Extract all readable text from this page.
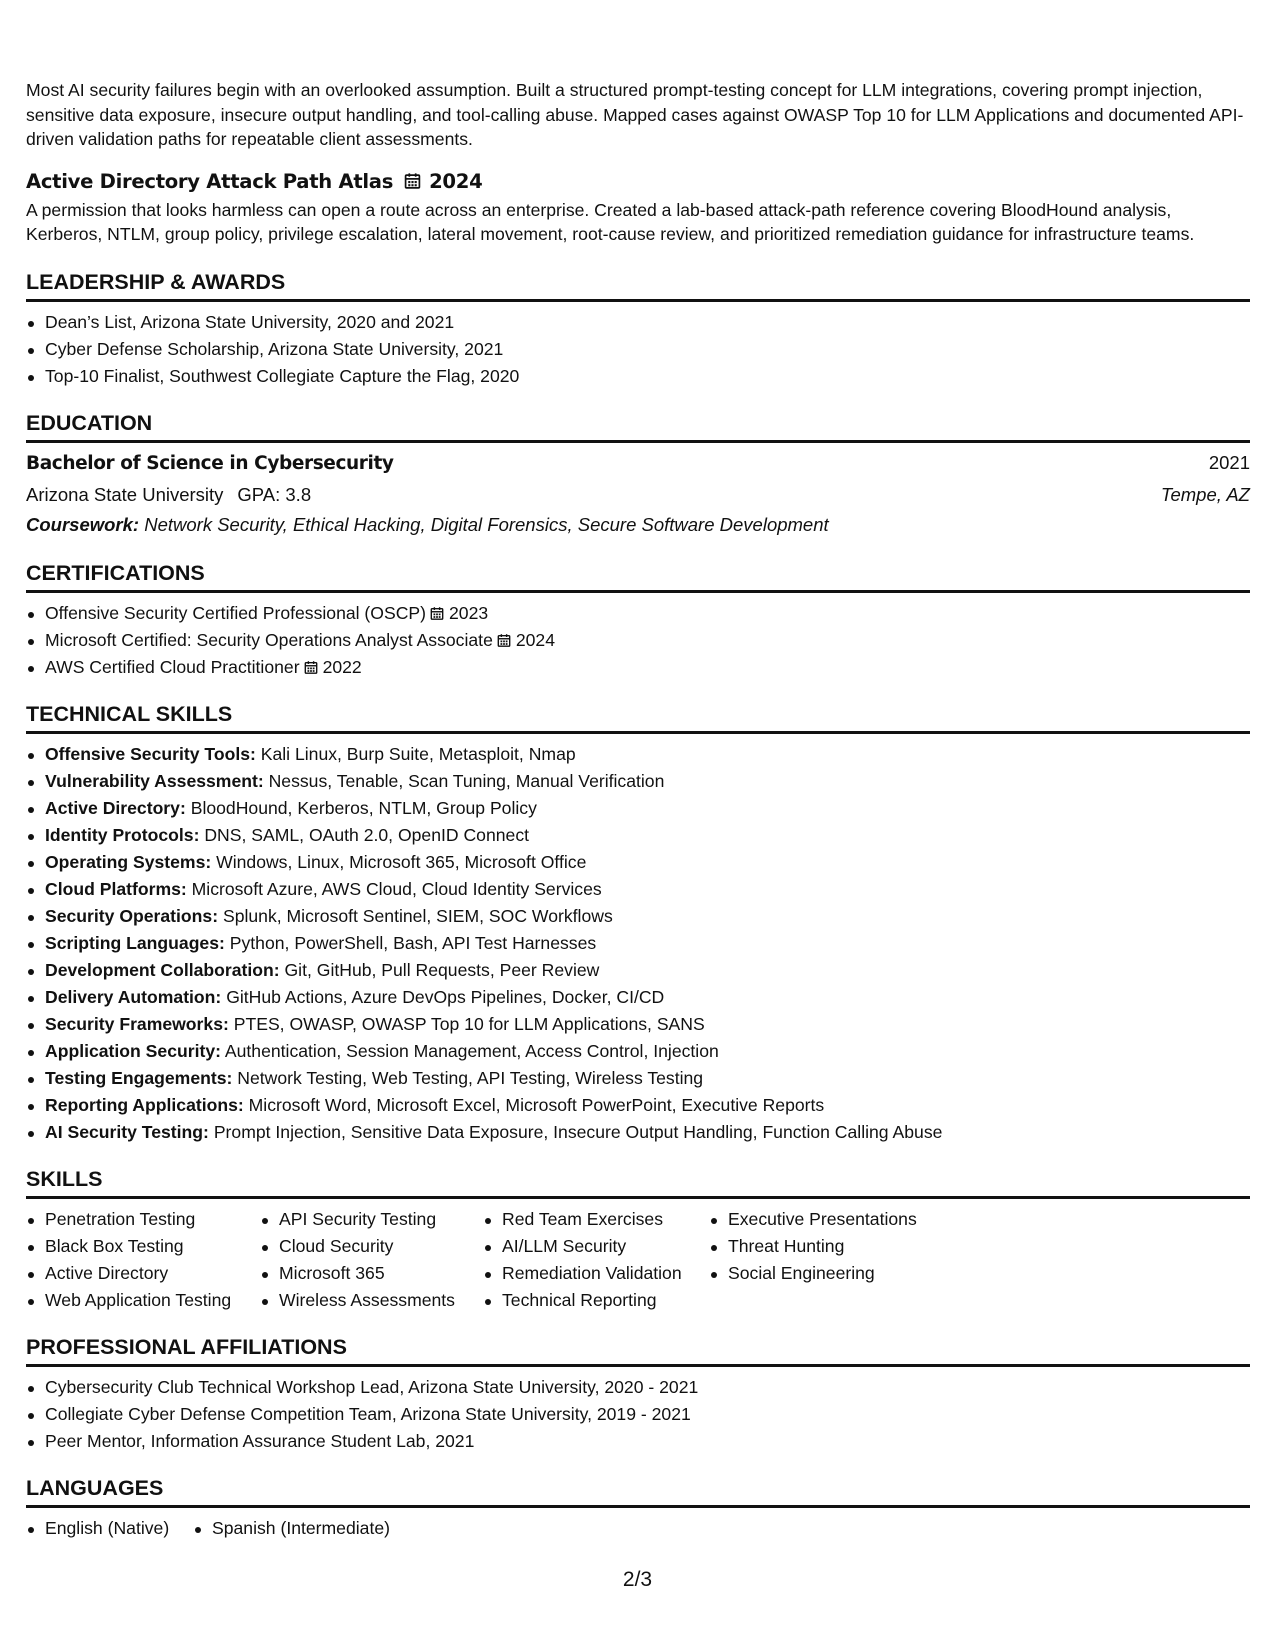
Most AI security failures begin with an overlooked assumption. Built a structured prompt-testing concept for LLM integrations, covering prompt injection, sensitive data exposure, insecure output handling, and tool-calling abuse. Mapped cases against OWASP Top 10 for LLM Applications and documented API-driven validation paths for repeatable client assessments.

Active Directory Attack Path Atlas 2024

A permission that looks harmless can open a route across an enterprise. Created a lab-based attack-path reference covering BloodHound analysis, Kerberos, NTLM, group policy, privilege escalation, lateral movement, root-cause review, and prioritized remediation guidance for infrastructure teams.

LEADERSHIP & AWARDS
Dean’s List, Arizona State University, 2020 and 2021
Cyber Defense Scholarship, Arizona State University, 2021
Top-10 Finalist, Southwest Collegiate Capture the Flag, 2020
EDUCATION
Bachelor of Science in Cybersecurity	2021
Arizona State University GPA: 3.8	Tempe, AZ
Coursework: Network Security, Ethical Hacking, Digital Forensics, Secure Software Development
CERTIFICATIONS
Offensive Security Certified Professional (OSCP) 2023
Microsoft Certified: Security Operations Analyst Associate 2024
AWS Certified Cloud Practitioner 2022
TECHNICAL SKILLS
Offensive Security Tools: Kali Linux, Burp Suite, Metasploit, Nmap
Vulnerability Assessment: Nessus, Tenable, Scan Tuning, Manual Verification
Active Directory: BloodHound, Kerberos, NTLM, Group Policy
Identity Protocols: DNS, SAML, OAuth 2.0, OpenID Connect
Operating Systems: Windows, Linux, Microsoft 365, Microsoft Office
Cloud Platforms: Microsoft Azure, AWS Cloud, Cloud Identity Services
Security Operations: Splunk, Microsoft Sentinel, SIEM, SOC Workflows
Scripting Languages: Python, PowerShell, Bash, API Test Harnesses
Development Collaboration: Git, GitHub, Pull Requests, Peer Review
Delivery Automation: GitHub Actions, Azure DevOps Pipelines, Docker, CI/CD
Security Frameworks: PTES, OWASP, OWASP Top 10 for LLM Applications, SANS
Application Security: Authentication, Session Management, Access Control, Injection
Testing Engagements: Network Testing, Web Testing, API Testing, Wireless Testing
Reporting Applications: Microsoft Word, Microsoft Excel, Microsoft PowerPoint, Executive Reports
AI Security Testing: Prompt Injection, Sensitive Data Exposure, Insecure Output Handling, Function Calling Abuse
SKILLS
Penetration Testing
Black Box Testing
Active Directory
Web Application Testing
API Security Testing
Cloud Security
Microsoft 365
Wireless Assessments
Red Team Exercises
AI/LLM Security
Remediation Validation
Technical Reporting
Executive Presentations
Threat Hunting
Social Engineering
PROFESSIONAL AFFILIATIONS
Cybersecurity Club Technical Workshop Lead, Arizona State University, 2020 - 2021
Collegiate Cyber Defense Competition Team, Arizona State University, 2019 - 2021
Peer Mentor, Information Assurance Student Lab, 2021
LANGUAGES
English (Native)	Spanish (Intermediate)
2/3
